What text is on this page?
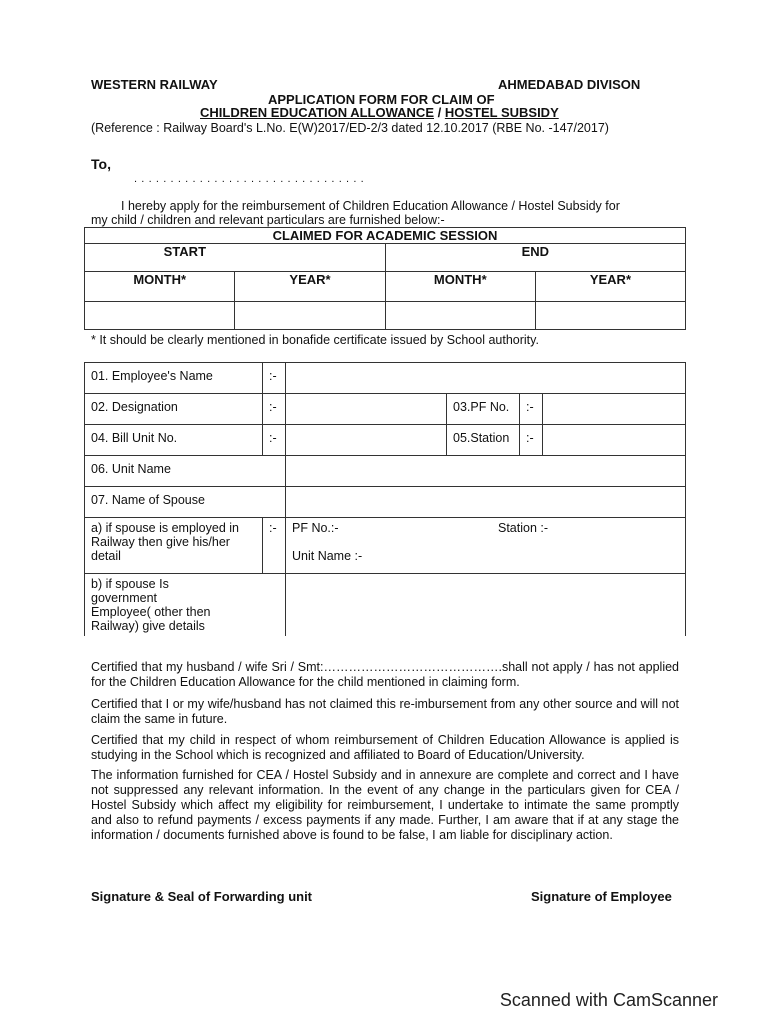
WESTERN RAILWAY	AHMEDABAD DIVISON
APPLICATION FORM FOR CLAIM OF
CHILDREN EDUCATION ALLOWANCE / HOSTEL SUBSIDY
(Reference : Railway Board's L.No. E(W)2017/ED-2/3 dated 12.10.2017 (RBE No. -147/2017)
To,
. . . . . . . . . . . . . . . . . . . . . . . . . . . . . . . .
I hereby apply for the reimbursement of Children Education Allowance / Hostel Subsidy for
my child / children and relevant particulars are furnished below:-
CLAIMED FOR ACADEMIC SESSION			
START		END	
MONTH*	YEAR*	MONTH*	YEAR*

* It should be clearly mentioned in bonafide certificate issued by School authority.
01. Employee's Name	:-				
02. Designation	:-		03.PF No.	:-	
04. Bill Unit No.	:-		05.Station	:-	
06. Unit Name					
07. Name of Spouse					
a) if spouse is employed in Railway then give his/her detail	:-	PF No.:- Station :-
Unit Name :-			

b) if spouse Is government Employee( other then Railway) give details					
Certified that my husband / wife Sri / Smt:…………………………………….shall not apply / has not applied for the Children Education Allowance for the child mentioned in claiming form.
Certified that I or my wife/husband has not claimed this re-imbursement from any other source and will not claim the same in future.
Certified that my child in respect of whom reimbursement of Children Education Allowance is applied is studying in the School which is recognized and affiliated to Board of Education/University.
The information furnished for CEA / Hostel Subsidy and in annexure are complete and correct and I have not suppressed any relevant information. In the event of any change in the particulars given for CEA / Hostel Subsidy which affect my eligibility for reimbursement, I undertake to intimate the same promptly and also to refund payments / excess payments if any made. Further, I am aware that if at any stage the information / documents furnished above is found to be false, I am liable for disciplinary action.
Signature & Seal of Forwarding unit	Signature of Employee
Scanned with CamScanner
